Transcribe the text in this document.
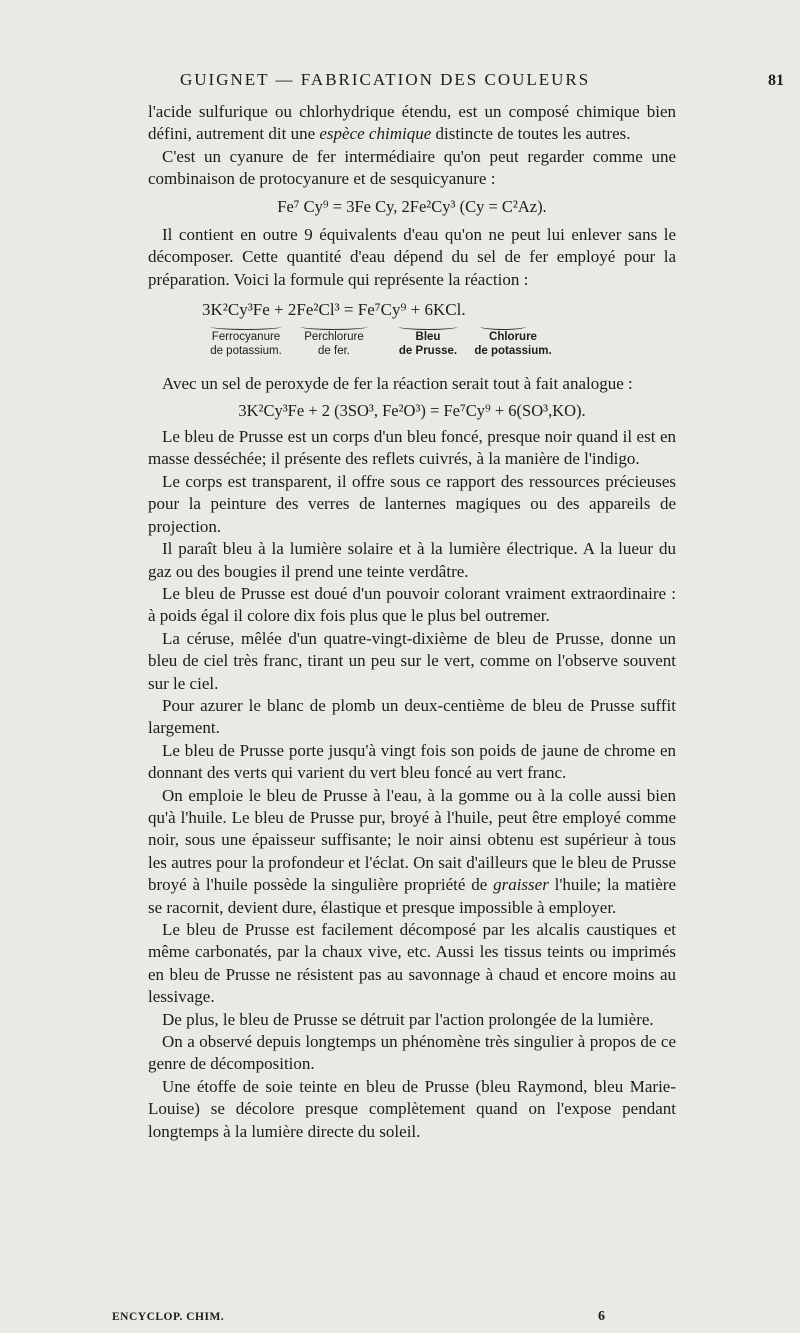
GUIGNET — FABRICATION DES COULEURS	81

l'acide sulfurique ou chlorhydrique étendu, est un composé chimique bien défini, autrement dit une espèce chimique distincte de toutes les autres.

C'est un cyanure de fer intermédiaire qu'on peut regarder comme une combinaison de protocyanure et de sesquicyanure :

Fe⁷ Cy⁹ = 3Fe Cy, 2Fe²Cy³ (Cy = C²Az).

Il contient en outre 9 équivalents d'eau qu'on ne peut lui enlever sans le décomposer. Cette quantité d'eau dépend du sel de fer employé pour la préparation. Voici la formule qui représente la réaction :

3K²Cy³Fe + 2Fe²Cl³ = Fe⁷Cy⁹ + 6KCl.
Ferrocyanure
de potassium.
Perchlorure
de fer.
Bleu
de Prusse.
Chlorure
de potassium.

Avec un sel de peroxyde de fer la réaction serait tout à fait analogue :

3K²Cy³Fe + 2 (3SO³, Fe²O³) = Fe⁷Cy⁹ + 6(SO³,KO).

Le bleu de Prusse est un corps d'un bleu foncé, presque noir quand il est en masse desséchée; il présente des reflets cuivrés, à la manière de l'indigo.

Le corps est transparent, il offre sous ce rapport des ressources précieuses pour la peinture des verres de lanternes magiques ou des appareils de projection.

Il paraît bleu à la lumière solaire et à la lumière électrique. A la lueur du gaz ou des bougies il prend une teinte verdâtre.

Le bleu de Prusse est doué d'un pouvoir colorant vraiment extraordinaire : à poids égal il colore dix fois plus que le plus bel outremer.

La céruse, mêlée d'un quatre-vingt-dixième de bleu de Prusse, donne un bleu de ciel très franc, tirant un peu sur le vert, comme on l'observe souvent sur le ciel.

Pour azurer le blanc de plomb un deux-centième de bleu de Prusse suffit largement.

Le bleu de Prusse porte jusqu'à vingt fois son poids de jaune de chrome en donnant des verts qui varient du vert bleu foncé au vert franc.

On emploie le bleu de Prusse à l'eau, à la gomme ou à la colle aussi bien qu'à l'huile. Le bleu de Prusse pur, broyé à l'huile, peut être employé comme noir, sous une épaisseur suffisante; le noir ainsi obtenu est supérieur à tous les autres pour la profondeur et l'éclat. On sait d'ailleurs que le bleu de Prusse broyé à l'huile possède la singulière propriété de graisser l'huile; la matière se racornit, devient dure, élastique et presque impossible à employer.

Le bleu de Prusse est facilement décomposé par les alcalis caustiques et même carbonatés, par la chaux vive, etc. Aussi les tissus teints ou imprimés en bleu de Prusse ne résistent pas au savonnage à chaud et encore moins au lessivage.

De plus, le bleu de Prusse se détruit par l'action prolongée de la lumière.

On a observé depuis longtemps un phénomène très singulier à propos de ce genre de décomposition.

Une étoffe de soie teinte en bleu de Prusse (bleu Raymond, bleu Marie-Louise) se décolore presque complètement quand on l'expose pendant longtemps à la lumière directe du soleil.

ENCYCLOP. CHIM.	6
